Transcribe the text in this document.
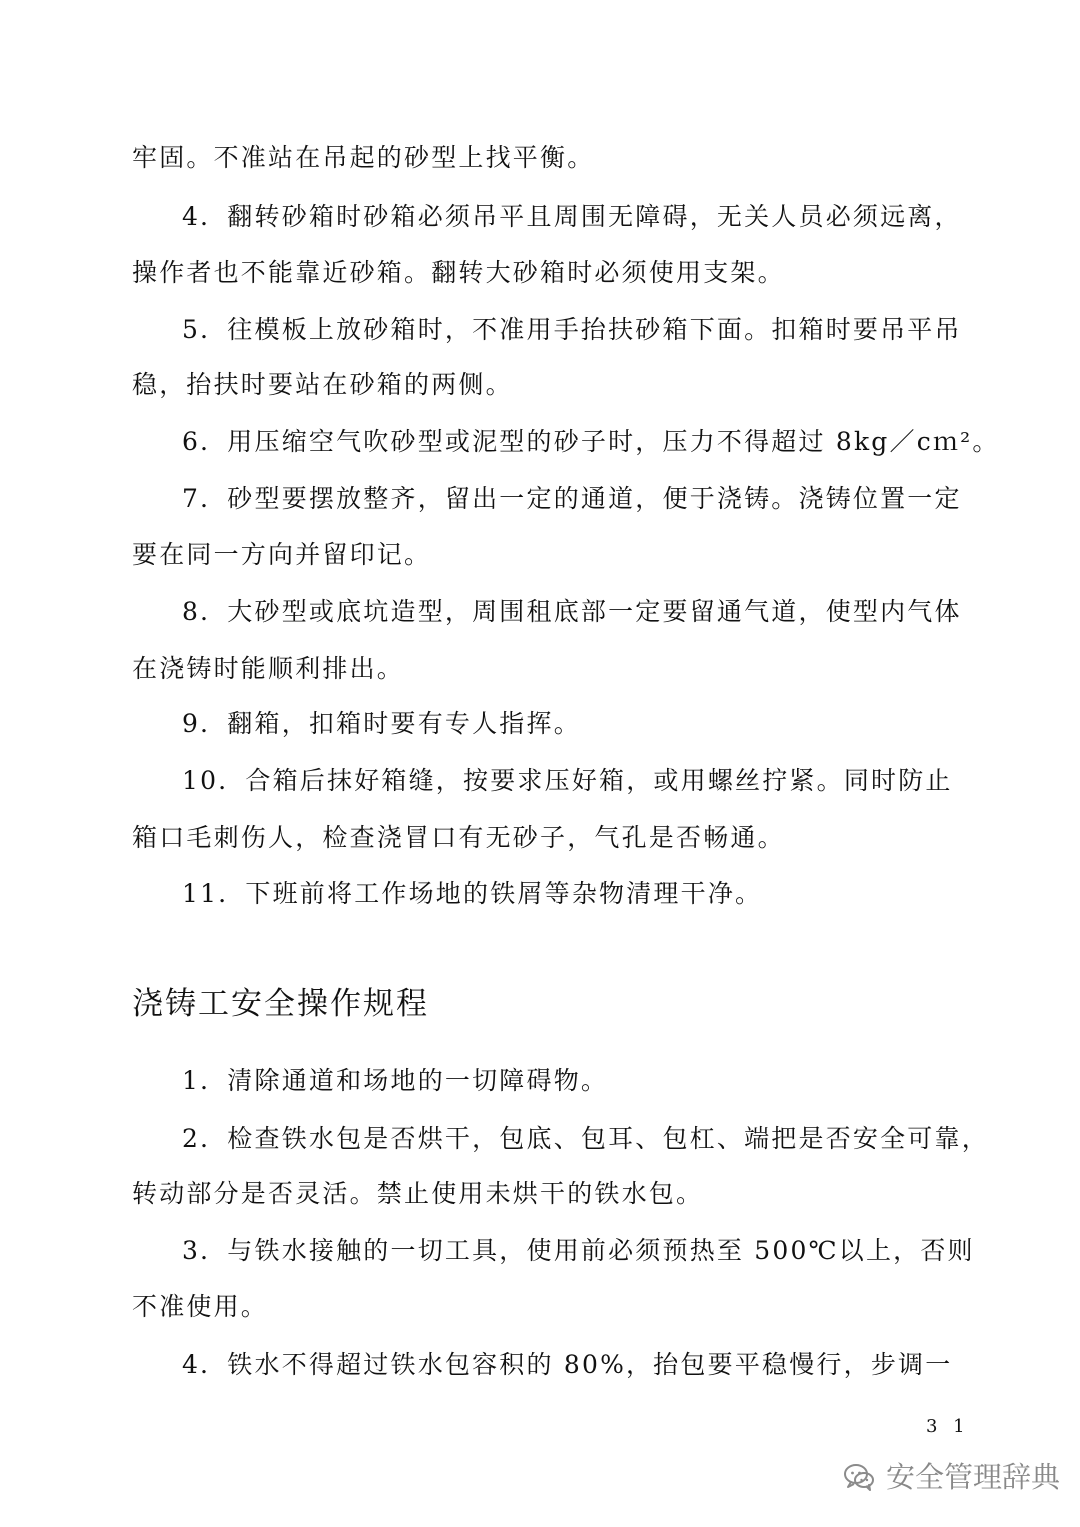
牢固。不准站在吊起的砂型上找平衡。
4．翻转砂箱时砂箱必须吊平且周围无障碍，无关人员必须远离，
操作者也不能靠近砂箱。翻转大砂箱时必须使用支架。
5．往模板上放砂箱时，不准用手抬扶砂箱下面。扣箱时要吊平吊
稳，抬扶时要站在砂箱的两侧。
6．用压缩空气吹砂型或泥型的砂子时，压力不得超过 8kg／cｍ²。
7．砂型要摆放整齐，留出一定的通道，便于浇铸。浇铸位置一定
要在同一方向并留印记。
8．大砂型或底坑造型，周围租底部一定要留通气道，使型内气体
在浇铸时能顺利排出。
9．翻箱，扣箱时要有专人指挥。
10．合箱后抹好箱缝，按要求压好箱，或用螺丝拧紧。同时防止
箱口毛刺伤人，检查浇冒口有无砂子，气孔是否畅通。
11．下班前将工作场地的铁屑等杂物清理干净。
浇铸工安全操作规程
1．清除通道和场地的一切障碍物。
2．检查铁水包是否烘干，包底、包耳、包杠、端把是否安全可靠，
转动部分是否灵活。禁止使用未烘干的铁水包。
3．与铁水接触的一切工具，使用前必须预热至 500℃以上，否则
不准使用。
4．铁水不得超过铁水包容积的 80%，抬包要平稳慢行，步调一
3 1
安全管理辞典
